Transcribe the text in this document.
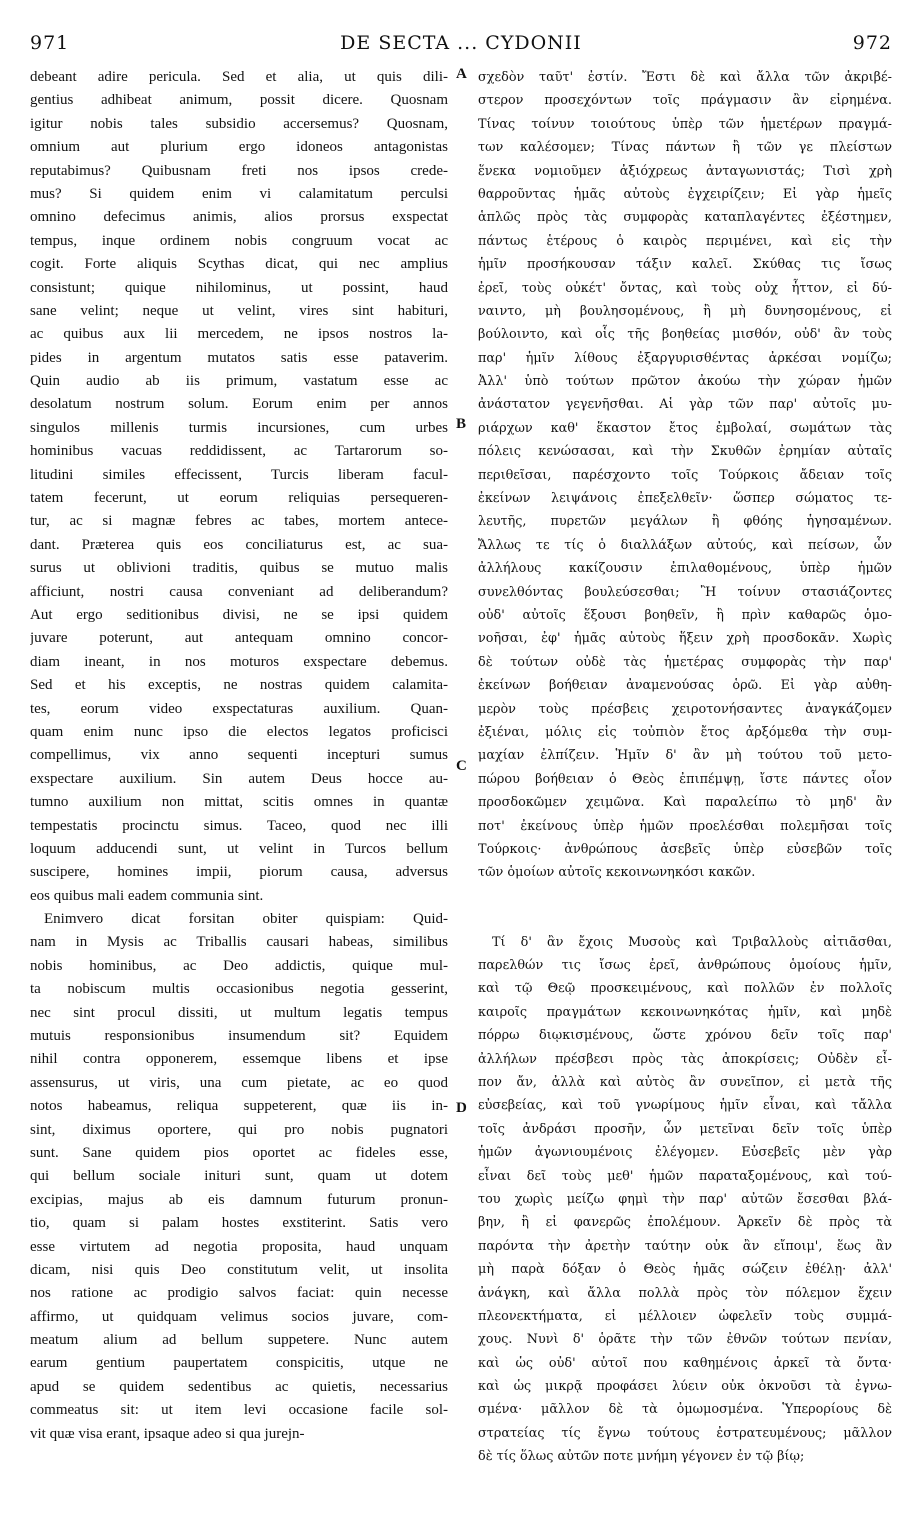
971	DE SECTA ... CYDONII	972
debeant adire pericula. Sed et alia, ut quis dili-
gentius adhibeat animum, possit dicere. Quosnam
igitur nobis tales subsidio accersemus? Quosnam,
omnium aut plurium ergo idoneos antagonistas
reputabimus? Quibusnam freti nos ipsos crede-
mus? Si quidem enim vi calamitatum perculsi
omnino defecimus animis, alios prorsus exspectat
tempus, inque ordinem nobis congruum vocat ac
cogit. Forte aliquis Scythas dicat, qui nec amplius
consistunt; quique nihilominus, ut possint, haud
sane velint; neque ut velint, vires sint habituri,
ac quibus aux lii mercedem, ne ipsos nostros la-
pides in argentum mutatos satis esse pataverim.
Quin audio ab iis primum, vastatum esse ac
desolatum nostrum solum. Eorum enim per annos
singulos millenis turmis incursiones, cum urbes
hominibus vacuas reddidissent, ac Tartarorum so-
litudini similes effecissent, Turcis liberam facul-
tatem fecerunt, ut eorum reliquias persequeren-
tur, ac si magnæ febres ac tabes, mortem antece-
dant. Præterea quis eos conciliaturus est, ac sua-
surus ut oblivioni traditis, quibus se mutuo malis
afficiunt, nostri causa conveniant ad deliberandum?
Aut ergo seditionibus divisi, ne se ipsi quidem
juvare poterunt, aut antequam omnino concor-
diam ineant, in nos moturos exspectare debemus.
Sed et his exceptis, ne nostras quidem calamita-
tes, eorum video exspectaturas auxilium. Quan-
quam enim nunc ipso die electos legatos proficisci
compellimus, vix anno sequenti incepturi sumus
exspectare auxilium. Sin autem Deus hocce au-
tumno auxilium non mittat, scitis omnes in quantæ
tempestatis procinctu simus. Taceo, quod nec illi
loquum adducendi sunt, ut velint in Turcos bellum
suscipere, homines impii, piorum causa, adversus
eos quibus mali eadem communia sint.
Enimvero dicat forsitan obiter quispiam: Quid-
nam in Mysis ac Triballis causari habeas, similibus
nobis hominibus, ac Deo addictis, quique mul-
ta nobiscum multis occasionibus negotia gesserint,
nec sint procul dissiti, ut multum legatis tempus
mutuis responsionibus insumendum sit? Equidem
nihil contra opponerem, essemque libens et ipse
assensurus, ut viris, una cum pietate, ac eo quod
notos habeamus, reliqua suppeterent, quæ iis in-
sint, diximus oportere, qui pro nobis pugnatori
sunt. Sane quidem pios oportet ac fideles esse,
qui bellum sociale inituri sunt, quam ut dotem
excipias, majus ab eis damnum futurum pronun-
tio, quam si palam hostes exstiterint. Satis vero
esse virtutem ad negotia proposita, haud unquam
dicam, nisi quis Deo constitutum velit, ut insolita
nos ratione ac prodigio salvos faciat: quin necesse
affirmo, ut quidquam velimus socios juvare, com-
meatum alium ad bellum suppetere. Nunc autem
earum gentium paupertatem conspicitis, utque ne
apud se quidem sedentibus ac quietis, necessarius
commeatus sit: ut item levi occasione facile sol-
vit quæ visa erant, ipsaque adeo si qua jurejn-
σχεδὸν ταῦτ' ἐστίν. Ἔστι δὲ καὶ ἄλλα τῶν ἀκριβέ-
στερον προσεχόντων τοῖς πράγμασιν ἂν εἰρημένα.
Τίνας τοίνυν τοιούτους ὑπὲρ τῶν ἡμετέρων πραγμά-
των καλέσομεν; Τίνας πάντων ἢ τῶν γε πλείστων
ἕνεκα νομιοῦμεν ἀξιόχρεως ἀνταγωνιστάς; Τισὶ χρὴ
θαρροῦντας ἡμᾶς αὐτοὺς ἐγχειρίζειν; Εἰ γὰρ ἡμεῖς
ἁπλῶς πρὸς τὰς συμφορὰς καταπλαγέντες ἐξέστημεν,
πάντως ἑτέρους ὁ καιρὸς περιμένει, καὶ εἰς τὴν
ἡμῖν προσήκουσαν τάξιν καλεῖ. Σκύθας τις ἴσως
ἐρεῖ, τοὺς οὐκέτ' ὄντας, καὶ τοὺς οὐχ ἧττον, εἰ δύ-
ναιντο, μὴ βουλησομένους, ἢ μὴ δυνησομένους, εἰ
βούλοιντο, καὶ οἷς τῆς βοηθείας μισθόν, οὐδ' ἂν τοὺς
παρ' ἡμῖν λίθους ἐξαργυρισθέντας ἀρκέσαι νομίζω;
Ἀλλ' ὑπὸ τούτων πρῶτον ἀκούω τὴν χώραν ἡμῶν
ἀνάστατον γεγενῆσθαι. Αἱ γὰρ τῶν παρ' αὐτοῖς μυ-
ριάρχων καθ' ἕκαστον ἔτος ἐμβολαί, σωμάτων τὰς
πόλεις κενώσασαι, καὶ τὴν Σκυθῶν ἐρημίαν αὐταῖς
περιθεῖσαι, παρέσχοντο τοῖς Τούρκοις ἄδειαν τοῖς
ἐκείνων λειψάνοις ἐπεξελθεῖν· ὥσπερ σώματος τε-
λευτῆς, πυρετῶν μεγάλων ἢ φθόης ἡγησαμένων.
Ἄλλως τε τίς ὁ διαλλάξων αὐτούς, καὶ πείσων, ὧν
ἀλλήλους κακίζουσιν ἐπιλαθομένους, ὑπὲρ ἡμῶν
συνελθόντας βουλεύσεσθαι; Ἢ τοίνυν στασιάζοντες
οὐδ' αὐτοῖς ἕξουσι βοηθεῖν, ἢ πρὶν καθαρῶς ὁμο-
νοῆσαι, ἐφ' ἡμᾶς αὐτοὺς ἥξειν χρὴ προσδοκᾶν. Χωρὶς
δὲ τούτων οὐδὲ τὰς ἡμετέρας συμφορὰς τὴν παρ'
ἐκείνων βοήθειαν ἀναμενούσας ὁρῶ. Εἰ γὰρ αὐθη-
μερὸν τοὺς πρέσβεις χειροτονήσαντες ἀναγκάζομεν
ἐξιέναι, μόλις εἰς τοὐπιὸν ἔτος ἀρξόμεθα τὴν συμ-
μαχίαν ἐλπίζειν. Ἡμῖν δ' ἂν μὴ τούτου τοῦ μετο-
πώρου βοήθειαν ὁ Θεὸς ἐπιπέμψῃ, ἴστε πάντες οἷον
προσδοκῶμεν χειμῶνα. Καὶ παραλείπω τὸ μηδ' ἂν
ποτ' ἐκείνους ὑπὲρ ἡμῶν προελέσθαι πολεμῆσαι τοῖς
Τούρκοις· ἀνθρώπους ἀσεβεῖς ὑπὲρ εὐσεβῶν τοῖς
τῶν ὁμοίων αὐτοῖς κεκοινωνηκόσι κακῶν.
Τί δ' ἂν ἔχοις Μυσοὺς καὶ Τριβαλλοὺς αἰτιᾶσθαι,
παρελθών τις ἴσως ἐρεῖ, ἀνθρώπους ὁμοίους ἡμῖν,
καὶ τῷ Θεῷ προσκειμένους, καὶ πολλῶν ἐν πολλοῖς
καιροῖς πραγμάτων κεκοινωνηκότας ἡμῖν, καὶ μηδὲ
πόρρω διῳκισμένους, ὥστε χρόνου δεῖν τοῖς παρ'
ἀλλήλων πρέσβεσι πρὸς τὰς ἀποκρίσεις; Οὐδὲν εἶ-
πον ἄν, ἀλλὰ καὶ αὐτὸς ἂν συνεῖπον, εἰ μετὰ τῆς
εὐσεβείας, καὶ τοῦ γνωρίμους ἡμῖν εἶναι, καὶ τἄλλα
τοῖς ἀνδράσι προσῆν, ὧν μετεῖναι δεῖν τοῖς ὑπὲρ
ἡμῶν ἀγωνιουμένοις ἐλέγομεν. Εὐσεβεῖς μὲν γὰρ
εἶναι δεῖ τοὺς μεθ' ἡμῶν παραταξομένους, καὶ τού-
του χωρὶς μείζω φημὶ τὴν παρ' αὐτῶν ἔσεσθαι βλά-
βην, ἢ εἰ φανερῶς ἐπολέμουν. Ἀρκεῖν δὲ πρὸς τὰ
παρόντα τὴν ἀρετὴν ταύτην οὐκ ἂν εἴποιμ', ἕως ἂν
μὴ παρὰ δόξαν ὁ Θεὸς ἡμᾶς σώζειν ἐθέλῃ· ἀλλ'
ἀνάγκη, καὶ ἄλλα πολλὰ πρὸς τὸν πόλεμον ἔχειν
πλεονεκτήματα, εἰ μέλλοιεν ὠφελεῖν τοὺς συμμά-
χους. Νυνὶ δ' ὁρᾶτε τὴν τῶν ἐθνῶν τούτων πενίαν,
καὶ ὡς οὐδ' αὐτοῖ που καθημένοις ἀρκεῖ τὰ ὄντα·
καὶ ὡς μικρᾷ προφάσει λύειν οὐκ ὀκνοῦσι τὰ ἐγνω-
σμένα· μᾶλλον δὲ τὰ ὀμωμοσμένα. Ὑπερορίους δὲ
στρατείας τίς ἔγνω τούτους ἐστρατευμένους; μᾶλλον
δὲ τίς ὅλως αὐτῶν ποτε μνήμη γέγονεν ἐν τῷ βίῳ;
A
B
C
D
